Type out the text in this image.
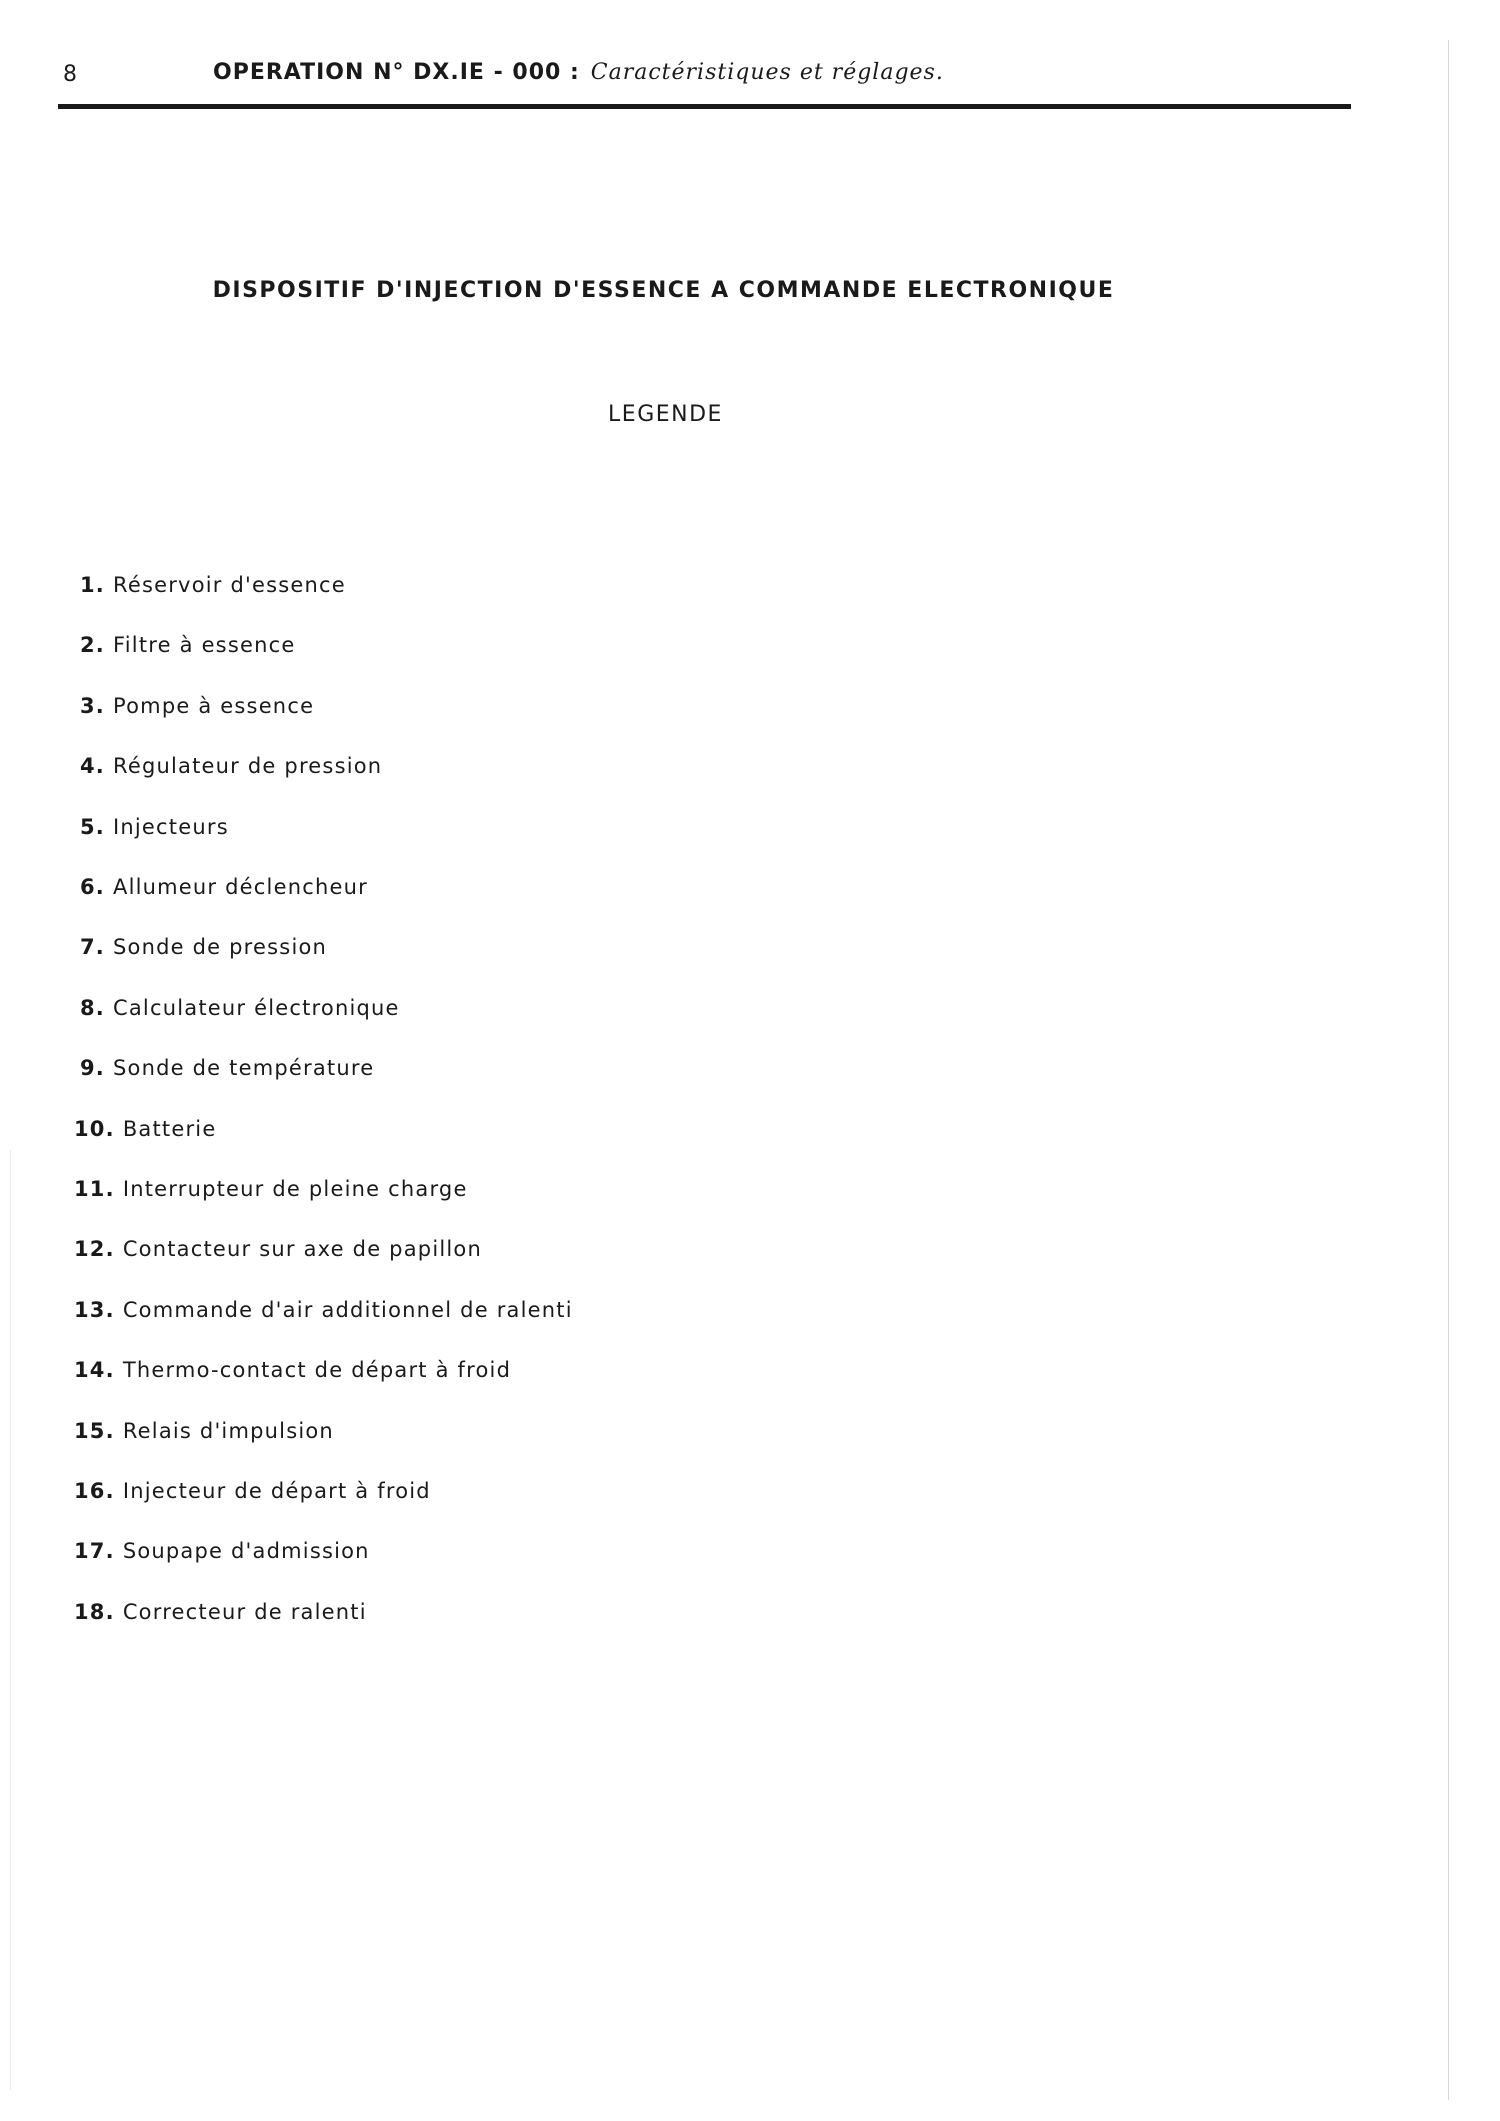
8	OPERATION N° DX.IE - 000 : Caractéristiques et réglages.
DISPOSITIF D'INJECTION D'ESSENCE A COMMANDE ELECTRONIQUE
LEGENDE
1. Réservoir d'essence
2. Filtre à essence
3. Pompe à essence
4. Régulateur de pression
5. Injecteurs
6. Allumeur déclencheur
7. Sonde de pression
8. Calculateur électronique
9. Sonde de température
10. Batterie
11. Interrupteur de pleine charge
12. Contacteur sur axe de papillon
13. Commande d'air additionnel de ralenti
14. Thermo-contact de départ à froid
15. Relais d'impulsion
16. Injecteur de départ à froid
17. Soupape d'admission
18. Correcteur de ralenti
